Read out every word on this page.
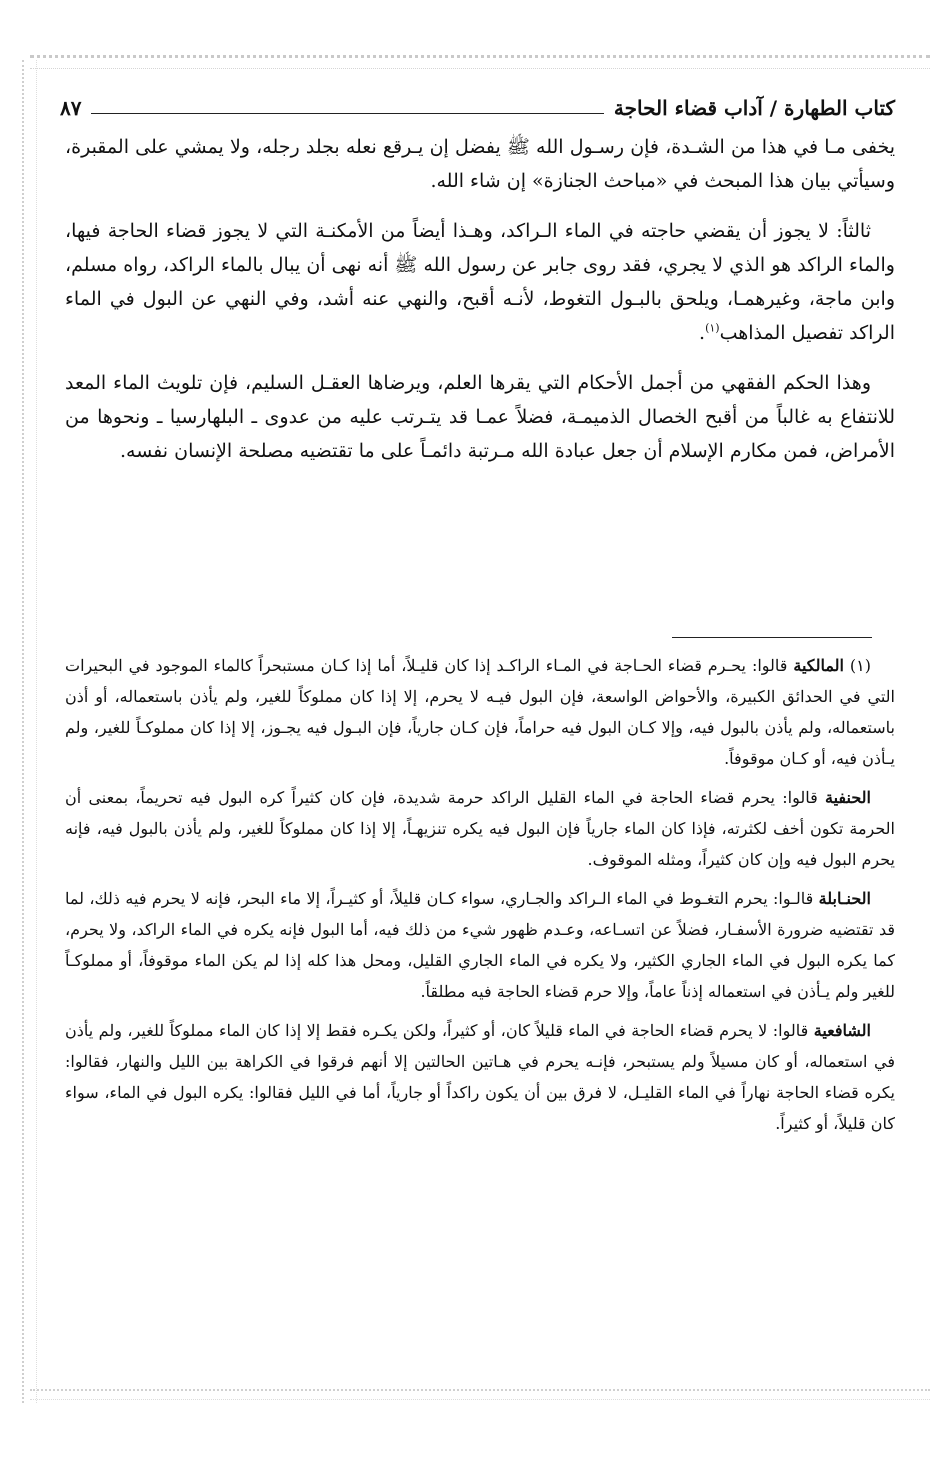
كتاب الطهارة / آداب قضاء الحاجة
٨٧

يخفى مـا في هذا من الشـدة، فإن رسـول الله ﷺ يفضل إن يـرقع نعله بجلد رجله، ولا يمشي على المقبرة، وسيأتي بيان هذا المبحث في «مباحث الجنازة» إن شاء الله.

ثالثاً: لا يجوز أن يقضي حاجته في الماء الـراكد، وهـذا أيضاً من الأمكنـة التي لا يجوز قضاء الحاجة فيها، والماء الراكد هو الذي لا يجري، فقد روى جابر عن رسول الله ﷺ أنه نهى أن يبال بالماء الراكد، رواه مسلم، وابن ماجة، وغيرهمـا، ويلحق بالبـول التغوط، لأنـه أقبح، والنهي عنه أشد، وفي النهي عن البول في الماء الراكد تفصيل المذاهب$^{(١)}$.

وهذا الحكم الفقهي من أجمل الأحكام التي يقرها العلم، ويرضاها العقـل السليم، فإن تلويث الماء المعد للانتفاع به غالباً من أقبح الخصال الذميمـة، فضلاً عمـا قد يتـرتب عليه من عدوى ـ البلهارسيا ـ ونحوها من الأمراض، فمن مكارم الإسلام أن جعل عبادة الله مـرتبة دائمـاً على ما تقتضيه مصلحة الإنسان نفسه.

(١) المالكية قالوا: يحـرم قضاء الحـاجة في المـاء الراكـد إذا كان قليـلاً، أما إذا كـان مستبحراً كالماء الموجود في البحيرات التي في الحدائق الكبيرة، والأحواض الواسعة، فإن البول فيـه لا يحرم، إلا إذا كان مملوكاً للغير، ولم يأذن باستعماله، أو أذن باستعماله، ولم يأذن بالبول فيه، وإلا كـان البول فيه حراماً، فإن كـان جارياً، فإن البـول فيه يجـوز، إلا إذا كان مملوكـاً للغير، ولم يـأذن فيه، أو كـان موقوفاً.

الحنفية قالوا: يحرم قضاء الحاجة في الماء القليل الراكد حرمة شديدة، فإن كان كثيراً كره البول فيه تحريماً، بمعنى أن الحرمة تكون أخف لكثرته، فإذا كان الماء جارياً فإن البول فيه يكره تنزيهـاً، إلا إذا كان مملوكاً للغير، ولم يأذن بالبول فيه، فإنه يحرم البول فيه وإن كان كثيراً، ومثله الموقوف.

الحنـابلة قالـوا: يحرم التغـوط في الماء الـراكد والجـاري، سواء كـان قليلاً، أو كثيـراً، إلا ماء البحر، فإنه لا يحرم فيه ذلك، لما قد تقتضيه ضرورة الأسفـار، فضلاً عن اتسـاعه، وعـدم ظهور شيء من ذلك فيه، أما البول فإنه يكره في الماء الراكد، ولا يحرم، كما يكره البول في الماء الجاري الكثير، ولا يكره في الماء الجاري القليل، ومحل هذا كله إذا لم يكن الماء موقوفاً، أو مملوكـاً للغير ولم يـأذن في استعماله إذناً عاماً، وإلا حرم قضاء الحاجة فيه مطلقاً.

الشافعية قالوا: لا يحرم قضاء الحاجة في الماء قليلاً كان، أو كثيراً، ولكن يكـره فقط إلا إذا كان الماء مملوكاً للغير، ولم يأذن في استعماله، أو كان مسيلاً ولم يستبحر، فإنـه يحرم في هـاتين الحالتين إلا أنهم فرقوا في الكراهة بين الليل والنهار، فقالوا: يكره قضاء الحاجة نهاراً في الماء القليـل، لا فرق بين أن يكون راكداً أو جارياً، أما في الليل فقالوا: يكره البول في الماء، سواء كان قليلاً، أو كثيراً.
